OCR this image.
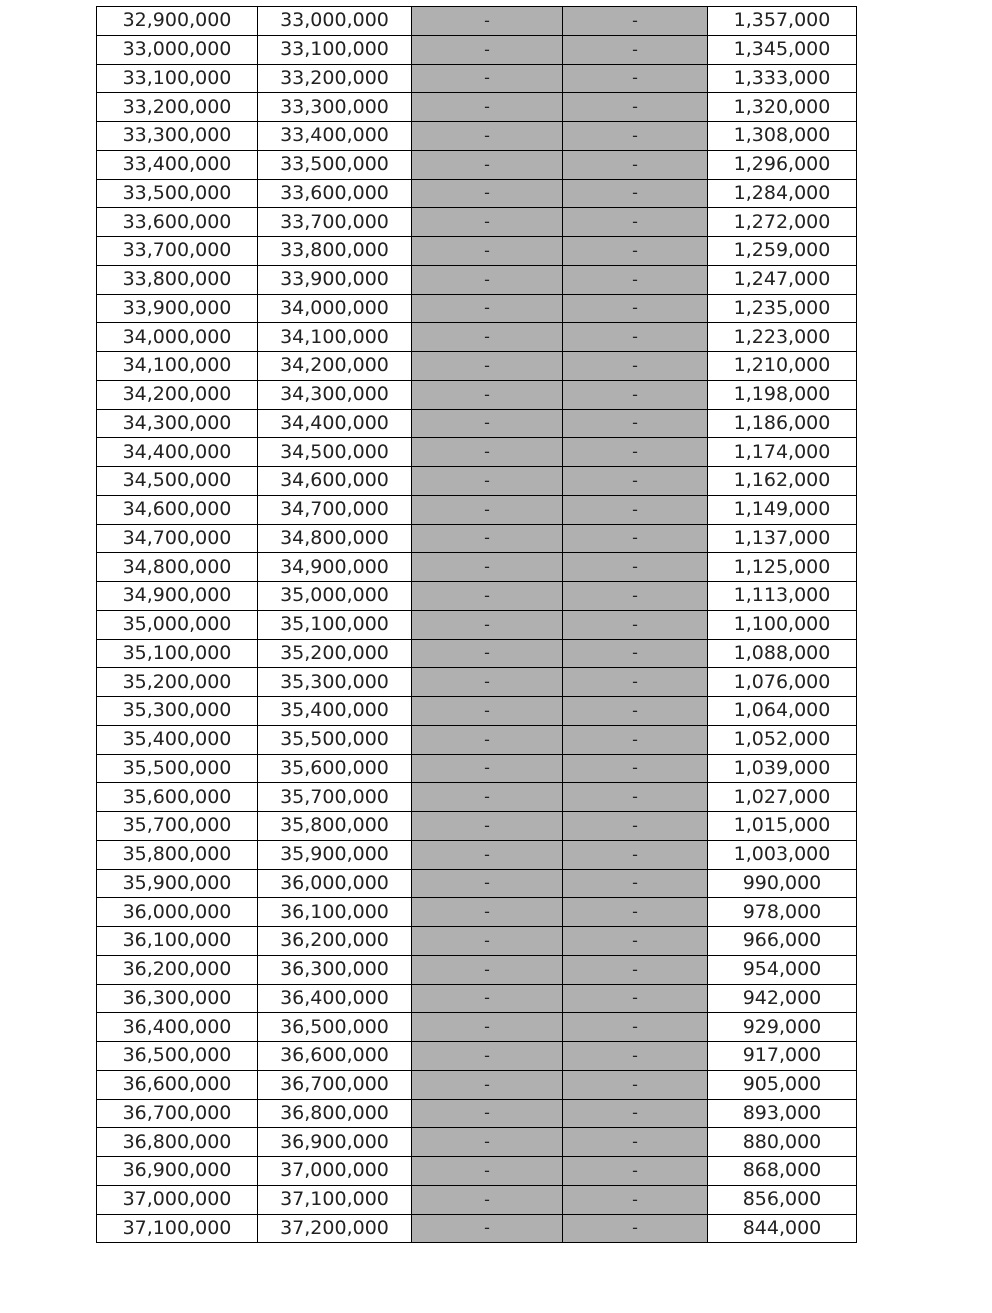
32,900,000	33,000,000	-	-	1,357,000
33,000,000	33,100,000	-	-	1,345,000
33,100,000	33,200,000	-	-	1,333,000
33,200,000	33,300,000	-	-	1,320,000
33,300,000	33,400,000	-	-	1,308,000
33,400,000	33,500,000	-	-	1,296,000
33,500,000	33,600,000	-	-	1,284,000
33,600,000	33,700,000	-	-	1,272,000
33,700,000	33,800,000	-	-	1,259,000
33,800,000	33,900,000	-	-	1,247,000
33,900,000	34,000,000	-	-	1,235,000
34,000,000	34,100,000	-	-	1,223,000
34,100,000	34,200,000	-	-	1,210,000
34,200,000	34,300,000	-	-	1,198,000
34,300,000	34,400,000	-	-	1,186,000
34,400,000	34,500,000	-	-	1,174,000
34,500,000	34,600,000	-	-	1,162,000
34,600,000	34,700,000	-	-	1,149,000
34,700,000	34,800,000	-	-	1,137,000
34,800,000	34,900,000	-	-	1,125,000
34,900,000	35,000,000	-	-	1,113,000
35,000,000	35,100,000	-	-	1,100,000
35,100,000	35,200,000	-	-	1,088,000
35,200,000	35,300,000	-	-	1,076,000
35,300,000	35,400,000	-	-	1,064,000
35,400,000	35,500,000	-	-	1,052,000
35,500,000	35,600,000	-	-	1,039,000
35,600,000	35,700,000	-	-	1,027,000
35,700,000	35,800,000	-	-	1,015,000
35,800,000	35,900,000	-	-	1,003,000
35,900,000	36,000,000	-	-	990,000
36,000,000	36,100,000	-	-	978,000
36,100,000	36,200,000	-	-	966,000
36,200,000	36,300,000	-	-	954,000
36,300,000	36,400,000	-	-	942,000
36,400,000	36,500,000	-	-	929,000
36,500,000	36,600,000	-	-	917,000
36,600,000	36,700,000	-	-	905,000
36,700,000	36,800,000	-	-	893,000
36,800,000	36,900,000	-	-	880,000
36,900,000	37,000,000	-	-	868,000
37,000,000	37,100,000	-	-	856,000
37,100,000	37,200,000	-	-	844,000
